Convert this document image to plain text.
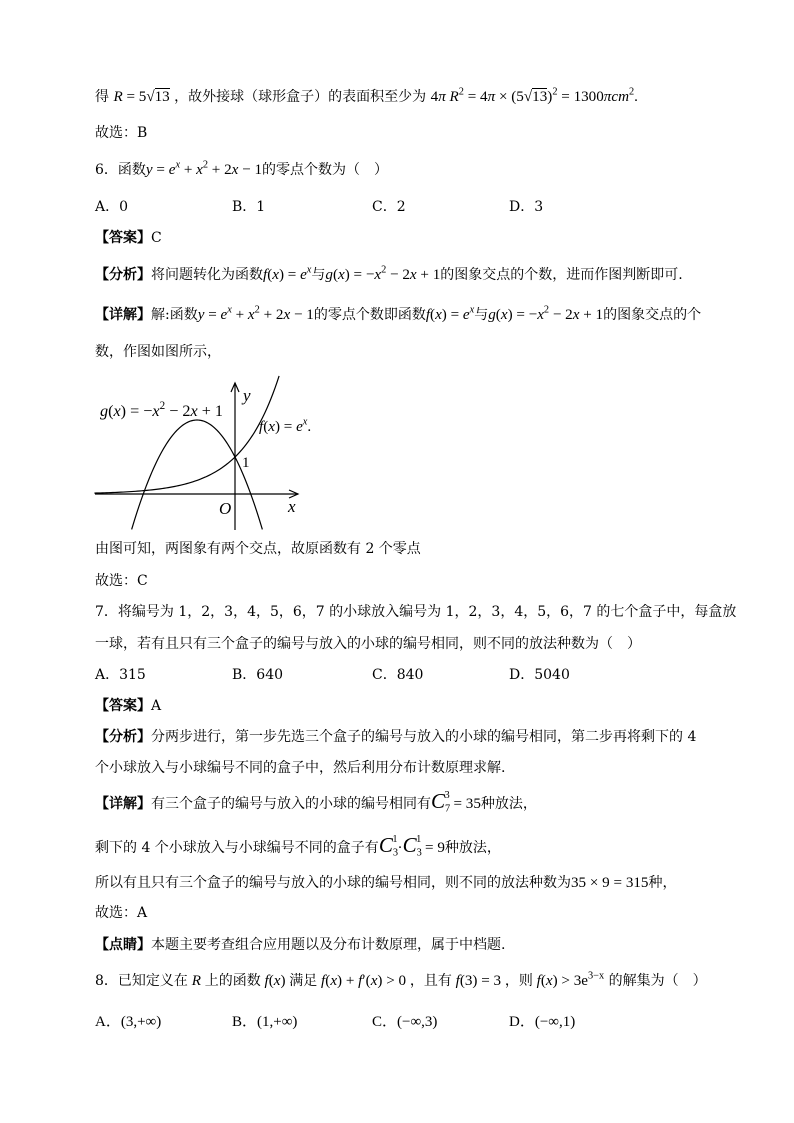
得 R = 5√13 ，故外接球（球形盒子）的表面积至少为 4π $R^2 = 4\pi \times (5√13)^2 = 1300\pi cm^2$.
故选：B
6．函数$y = e^x + x^2 + 2x - 1$的零点个数为（　）
A．0	B．1	C．2	D．3
【答案】C
【分析】将问题转化为函数$f(x) = e^x$与$g(x) = -x^2 - 2x + 1$的图象交点的个数，进而作图判断即可.
【详解】解:函数$y = e^x + x^2 + 2x - 1$的零点个数即函数$f(x) = e^x$与$g(x) = -x^2 - 2x + 1$的图象交点的个
数，作图如图所示，
$g(x) = -x^2 - 2x + 1$
$f(x) = e^x$.
y
1
O	x
由图可知，两图象有两个交点，故原函数有 2 个零点
故选：C
7．将编号为 1，2，3，4，5，6，7 的小球放入编号为 1，2，3，4，5，6，7 的七个盒子中，每盒放
一球，若有且只有三个盒子的编号与放入的小球的编号相同，则不同的放法种数为（　）
A．315	B．640	C．840	D．5040
【答案】A
【分析】分两步进行，第一步先选三个盒子的编号与放入的小球的编号相同，第二步再将剩下的 4
个小球放入与小球编号不同的盒子中，然后利用分布计数原理求解.
【详解】有三个盒子的编号与放入的小球的编号相同有$C_7^3 = 35$种放法，
剩下的 4 个小球放入与小球编号不同的盒子有$C_3^1\cdot C_3^1 = 9$种放法，
所以有且只有三个盒子的编号与放入的小球的编号相同，则不同的放法种数为35 × 9 = 315种，
故选：A
【点睛】本题主要考查组合应用题以及分布计数原理，属于中档题.
8．已知定义在 R 上的函数 f(x) 满足 f(x) + f′(x) > 0 ，且有 f(3) = 3 ，则 $f(x) > 3e^{3-x}$ 的解集为（　）
A．(3,+∞)	B．(1,+∞)	C．(−∞,3)	D．(−∞,1)
